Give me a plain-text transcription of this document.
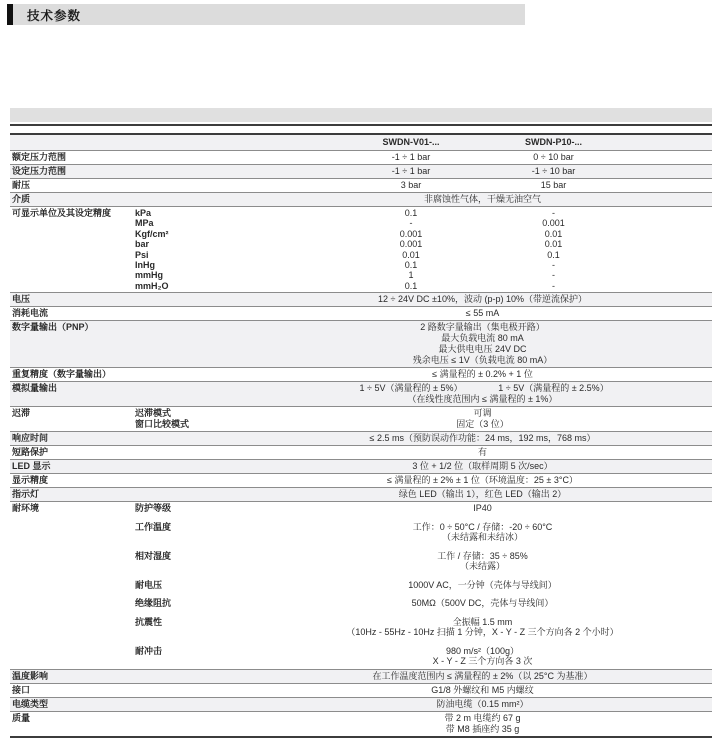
技术参数
SWDN-V01-...	SWDN-P10-...
额定压力范围	-1 ÷ 1 bar	0 ÷ 10 bar
设定压力范围	-1 ÷ 1 bar	-1 ÷ 10 bar
耐压	3 bar	15 bar
介质	非腐蚀性气体，干燥无油空气
可显示单位及其设定精度	kPa	0.1	-
MPa	-	0.001
Kgf/cm²	0.001	0.01
bar	0.001	0.01
Psi	0.01	0.1
InHg	0.1	-
mmHg	1	-
mmH₂O	0.1	-
电压	12 ÷ 24V DC ±10%，波动 (p-p) 10%（带逆流保护）
消耗电流	≤ 55 mA
数字量输出（PNP）	2 路数字量输出（集电极开路）
最大负载电流 80 mA
最大供电电压 24V DC
残余电压 ≤ 1V（负载电流 80 mA）
重复精度（数字量输出）	≤ 满量程的 ± 0.2% + 1 位
模拟量输出	1 ÷ 5V（满量程的 ± 5%）	1 ÷ 5V（满量程的 ± 2.5%）
（在线性度范围内 ≤ 满量程的 ± 1%）
迟滞	迟滞模式	可调
窗口比较模式	固定（3 位）
响应时间	≤ 2.5 ms（预防误动作功能：24 ms，192 ms，768 ms）
短路保护	有
LED 显示	3 位 + 1/2 位（取样周期 5 次/sec）
显示精度	≤ 满量程的 ± 2% ± 1 位（环境温度：25 ± 3°C）
指示灯	绿色 LED（输出 1），红色 LED（输出 2）
耐环境	防护等级	IP40
工作温度	工作：0 ÷ 50°C / 存储：-20 ÷ 60°C
（未结露和未结冰）
相对湿度	工作 / 存储：35 ÷ 85%
（未结露）
耐电压	1000V AC，一分钟（壳体与导线间）
绝缘阻抗	50MΩ（500V DC，壳体与导线间）
抗震性	全振幅 1.5 mm
（10Hz - 55Hz - 10Hz 扫描 1 分钟，X - Y - Z 三个方向各 2 个小时）
耐冲击	980 m/s²（100g）
X - Y - Z 三个方向各 3 次
温度影响	在工作温度范围内 ≤ 满量程的 ± 2%（以 25°C 为基准）
接口	G1/8 外螺纹和 M5 内螺纹
电缆类型	防油电缆（0.15 mm²）
质量	带 2 m 电缆约 67 g
带 M8 插座约 35 g
